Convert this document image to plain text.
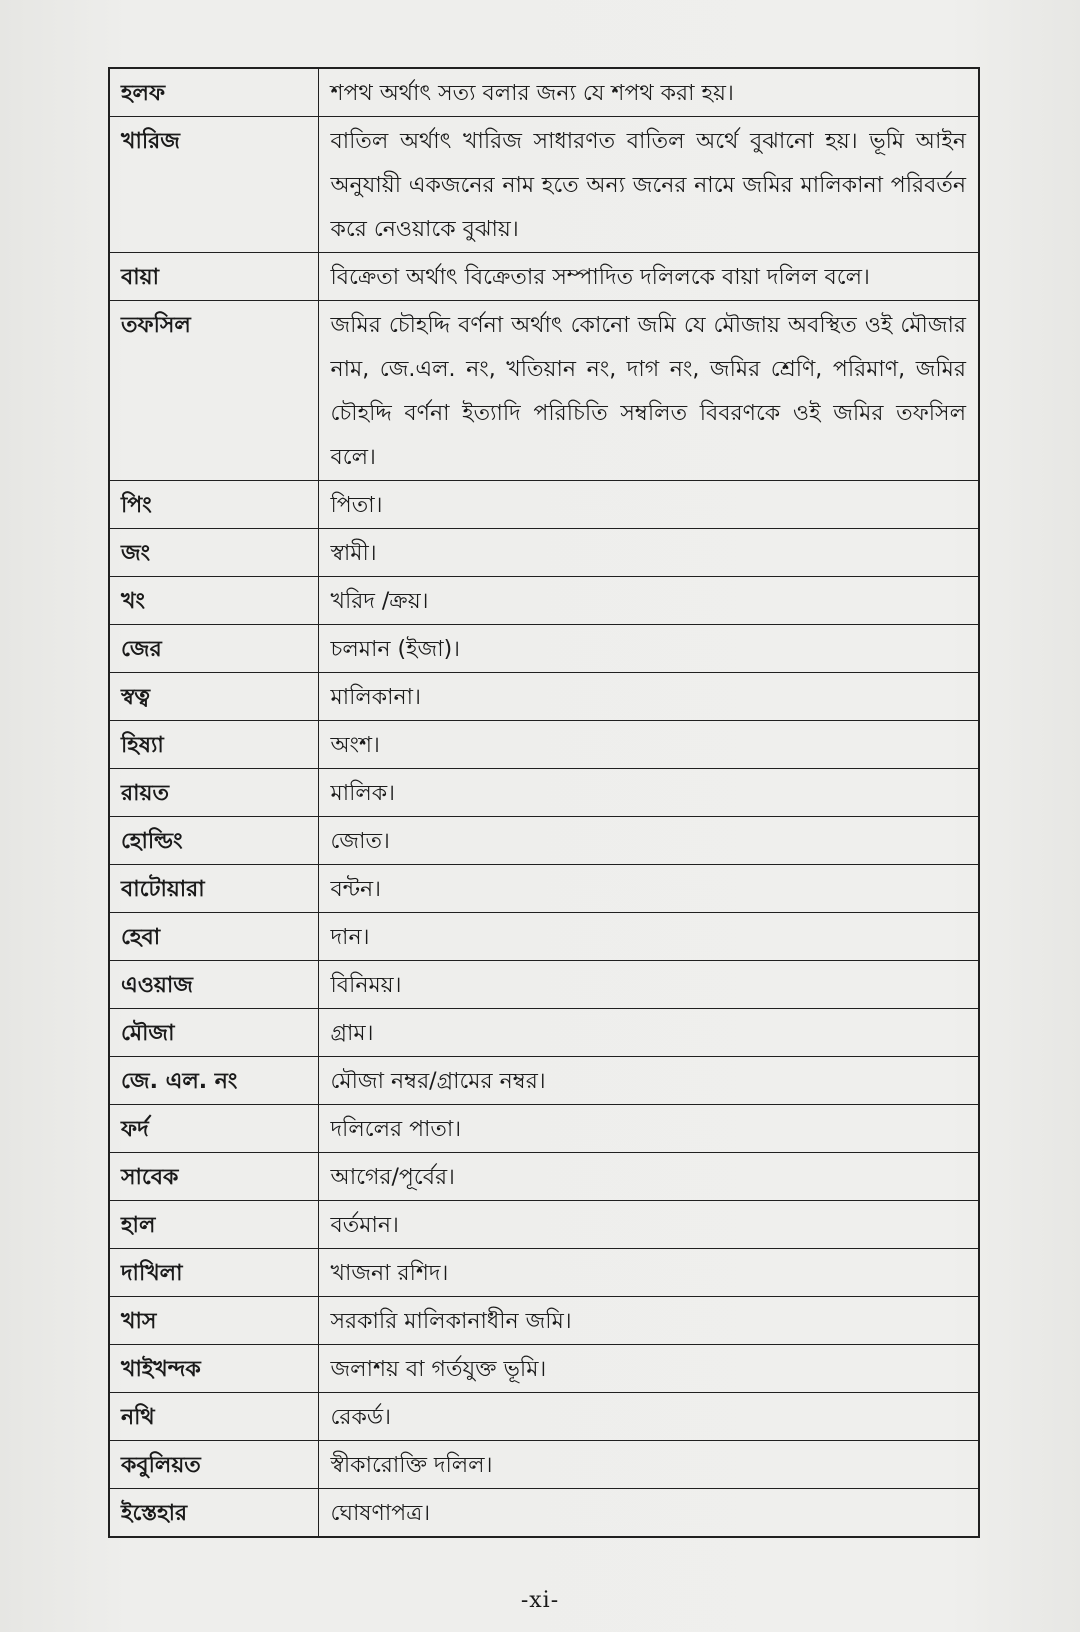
হলফ	শপথ অর্থাৎ সত্য বলার জন্য যে শপথ করা হয়।
খারিজ	বাতিল অর্থাৎ খারিজ সাধারণত বাতিল অর্থে বুঝানো হয়। ভূমি আইন অনুযায়ী একজনের নাম হতে অন্য জনের নামে জমির মালিকানা পরিবর্তন করে নেওয়াকে বুঝায়।
বায়া	বিক্রেতা অর্থাৎ বিক্রেতার সম্পাদিত দলিলকে বায়া দলিল বলে।
তফসিল	জমির চৌহদ্দি বর্ণনা অর্থাৎ কোনো জমি যে মৌজায় অবস্থিত ওই মৌজার নাম, জে.এল. নং, খতিয়ান নং, দাগ নং, জমির শ্রেণি, পরিমাণ, জমির চৌহদ্দি বর্ণনা ইত্যাদি পরিচিতি সম্বলিত বিবরণকে ওই জমির তফসিল বলে।
পিং	পিতা।
জং	স্বামী।
খং	খরিদ /ক্রয়।
জের	চলমান (ইজা)।
স্বত্ব	মালিকানা।
হিষ্যা	অংশ।
রায়ত	মালিক।
হোল্ডিং	জোত।
বাটোয়ারা	বন্টন।
হেবা	দান।
এওয়াজ	বিনিময়।
মৌজা	গ্রাম।
জে. এল. নং	মৌজা নম্বর/গ্রামের নম্বর।
ফর্দ	দলিলের পাতা।
সাবেক	আগের/পূর্বের।
হাল	বর্তমান।
দাখিলা	খাজনা রশিদ।
খাস	সরকারি মালিকানাধীন জমি।
খাইখন্দক	জলাশয় বা গর্তযুক্ত ভূমি।
নথি	রেকর্ড।
কবুলিয়ত	স্বীকারোক্তি দলিল।
ইস্তেহার	ঘোষণাপত্র।
-xi-
